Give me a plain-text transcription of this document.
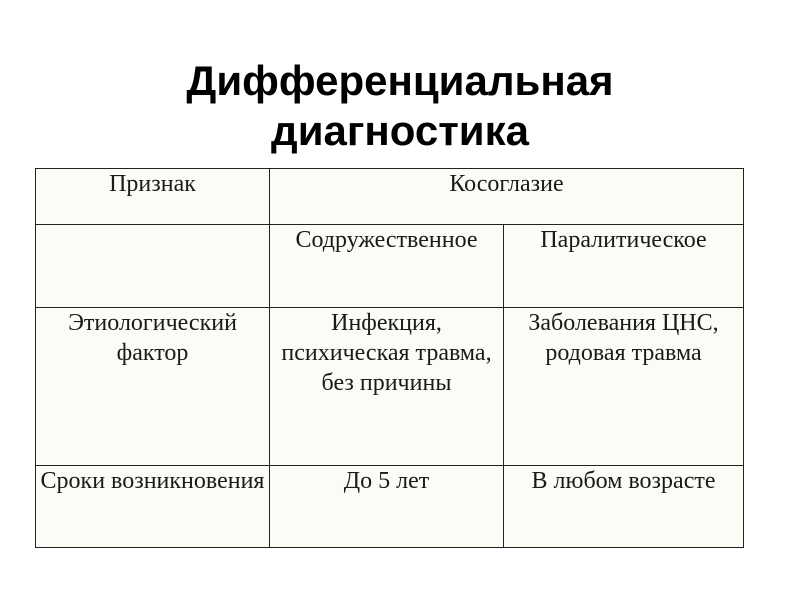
Дифференциальная
диагностика
Признак	Косоглазие	
	Содружественное	Паралитическое
Этиологический фактор	Инфекция, психическая травма, без причины	Заболевания ЦНС, родовая травма
Сроки возникновения	До 5 лет	В любом возрасте
